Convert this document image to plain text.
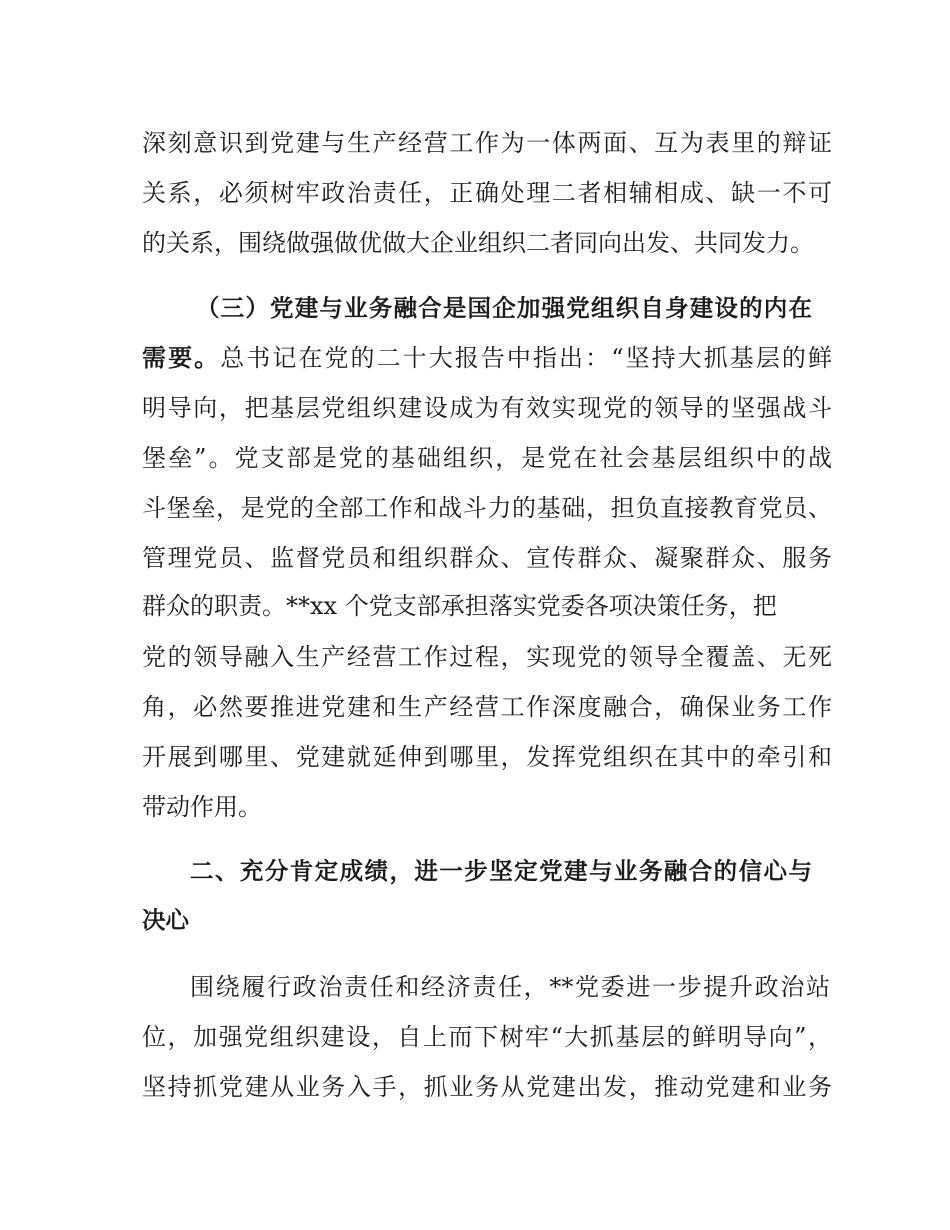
深刻意识到党建与生产经营工作为一体两面、互为表里的辩证
关系，必须树牢政治责任，正确处理二者相辅相成、缺一不可
的关系，围绕做强做优做大企业组织二者同向出发、共同发力。
（三）党建与业务融合是国企加强党组织自身建设的内在
需要。总书记在党的二十大报告中指出：“坚持大抓基层的鲜
明导向，把基层党组织建设成为有效实现党的领导的坚强战斗
堡垒”。党支部是党的基础组织，是党在社会基层组织中的战
斗堡垒，是党的全部工作和战斗力的基础，担负直接教育党员、
管理党员、监督党员和组织群众、宣传群众、凝聚群众、服务
群众的职责。**xx 个党支部承担落实党委各项决策任务，把
党的领导融入生产经营工作过程，实现党的领导全覆盖、无死
角，必然要推进党建和生产经营工作深度融合，确保业务工作
开展到哪里、党建就延伸到哪里，发挥党组织在其中的牵引和
带动作用。
二、充分肯定成绩，进一步坚定党建与业务融合的信心与
决心
围绕履行政治责任和经济责任，**党委进一步提升政治站
位，加强党组织建设，自上而下树牢“大抓基层的鲜明导向”，
坚持抓党建从业务入手，抓业务从党建出发，推动党建和业务
